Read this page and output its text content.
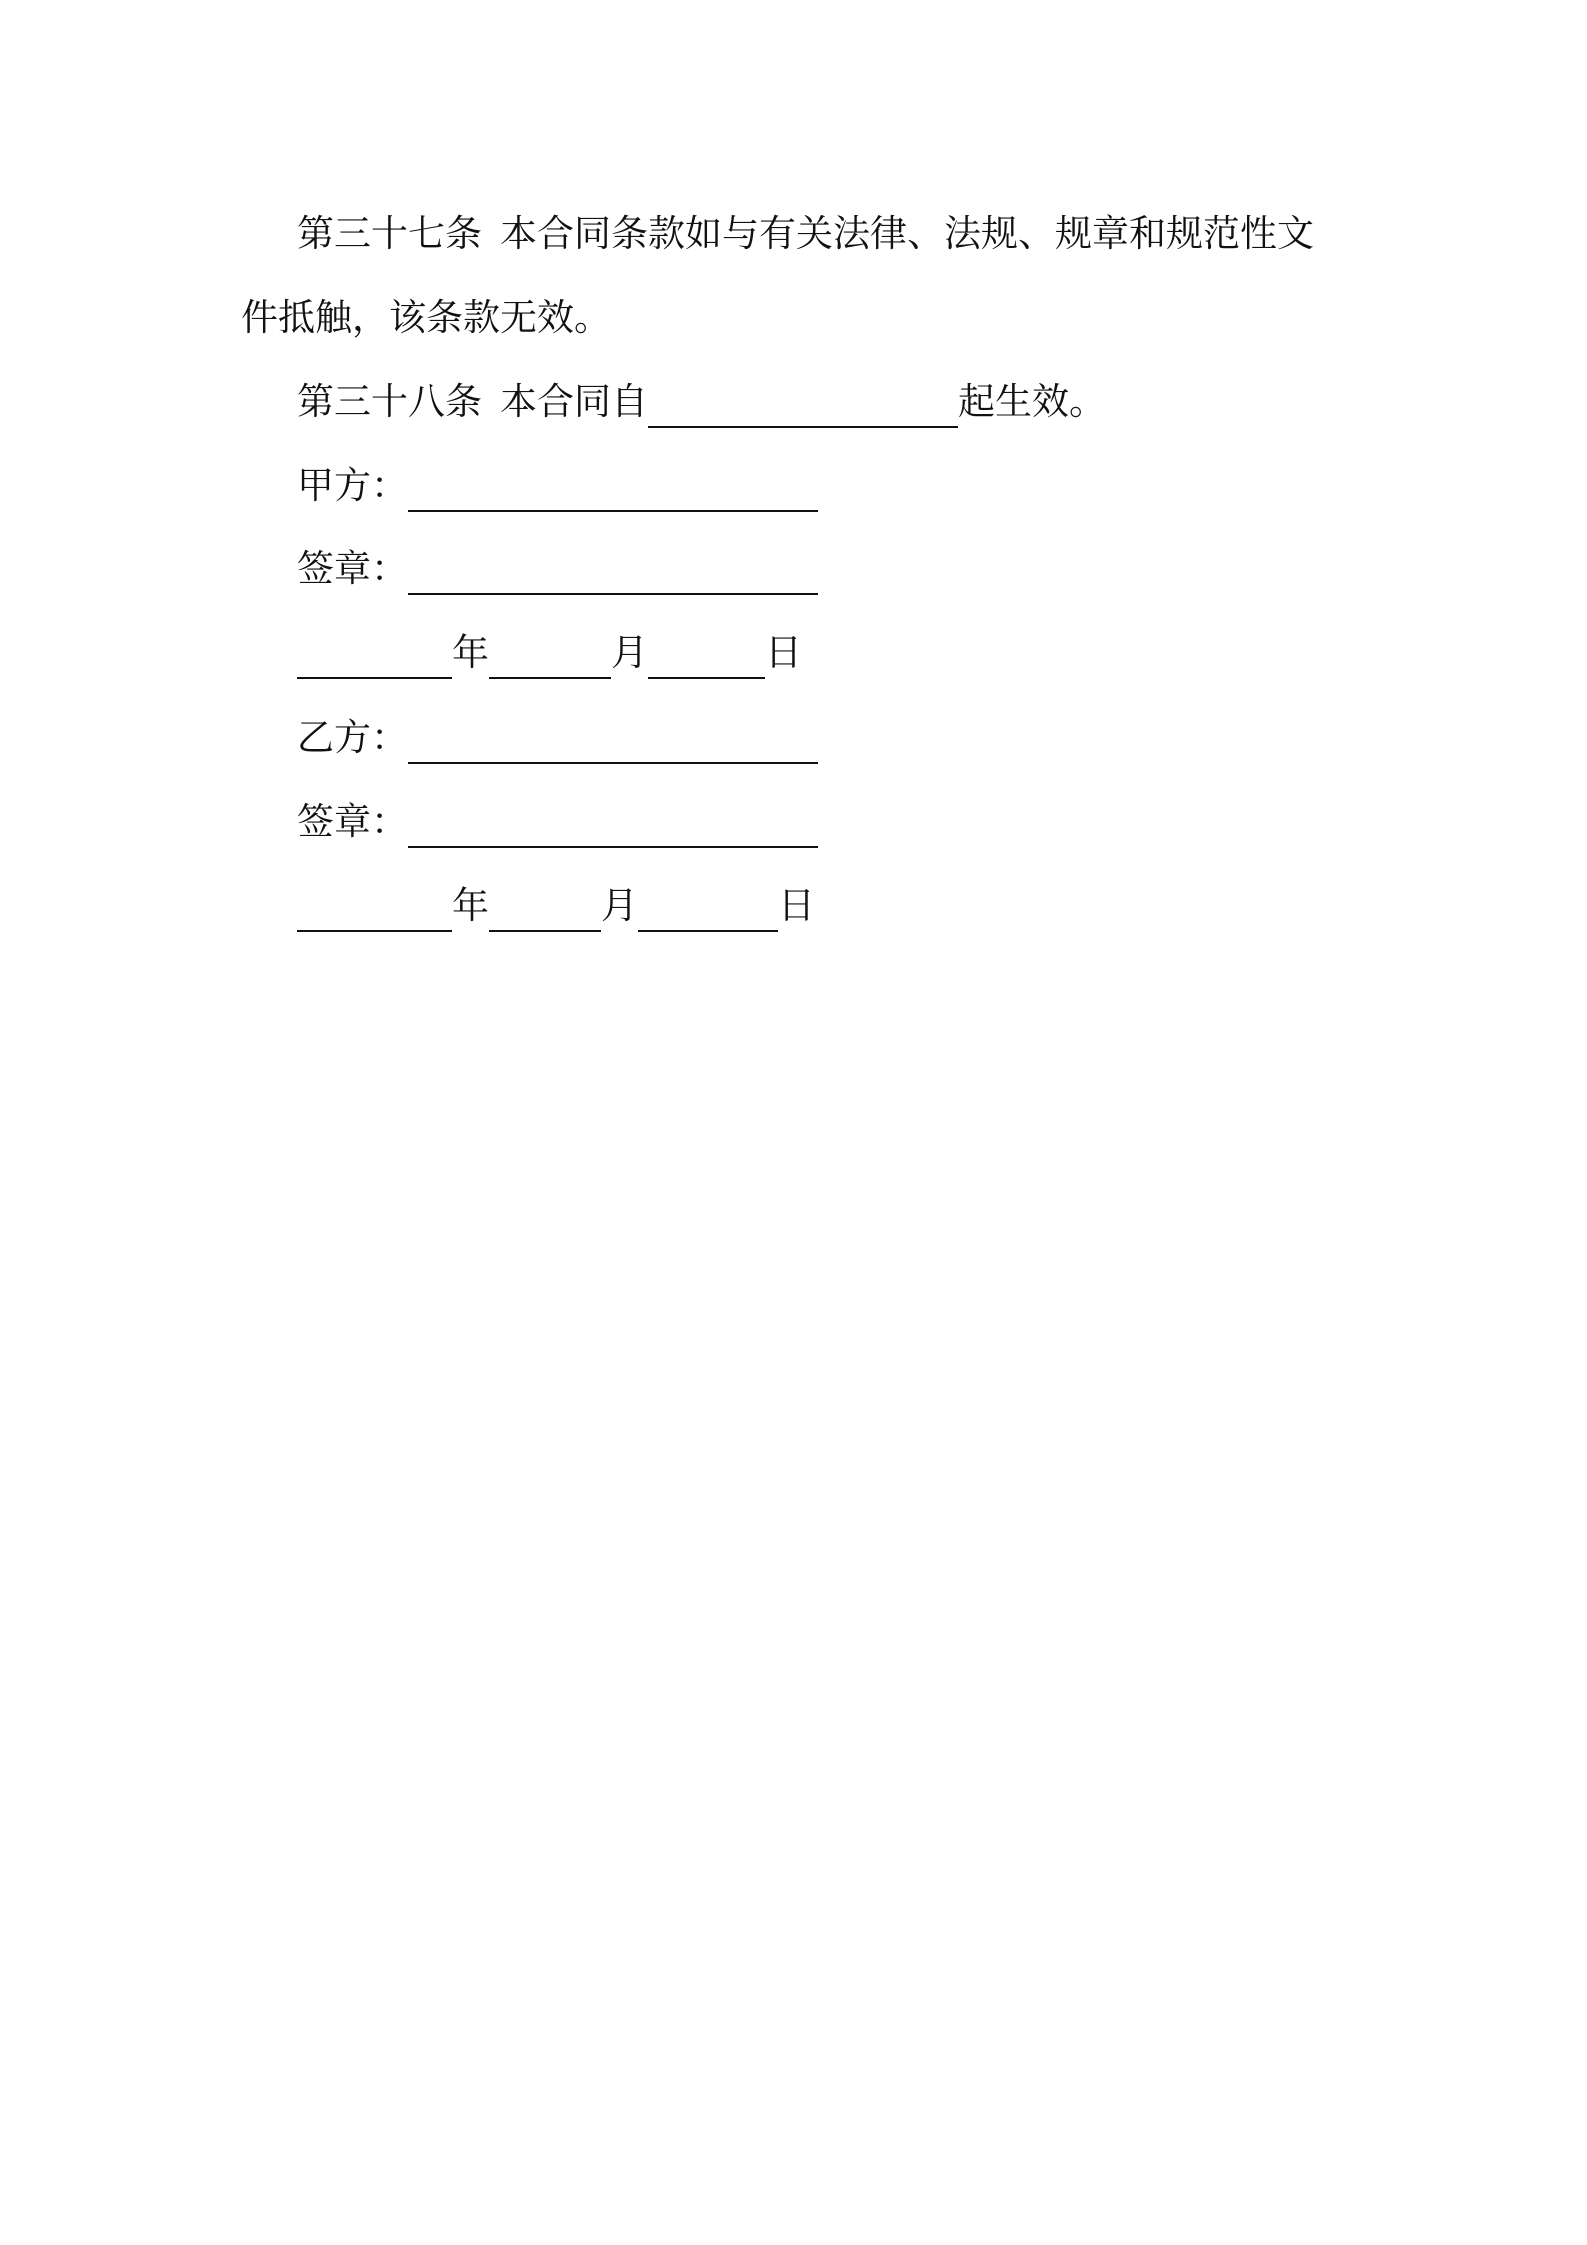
第三十七条 本合同条款如与有关法律、法规、规章和规范性文
件抵触，该条款无效。
第三十八条 本合同自	起生效。
甲方：
签章：
年	月	日
乙方：
签章：
年	月	日
